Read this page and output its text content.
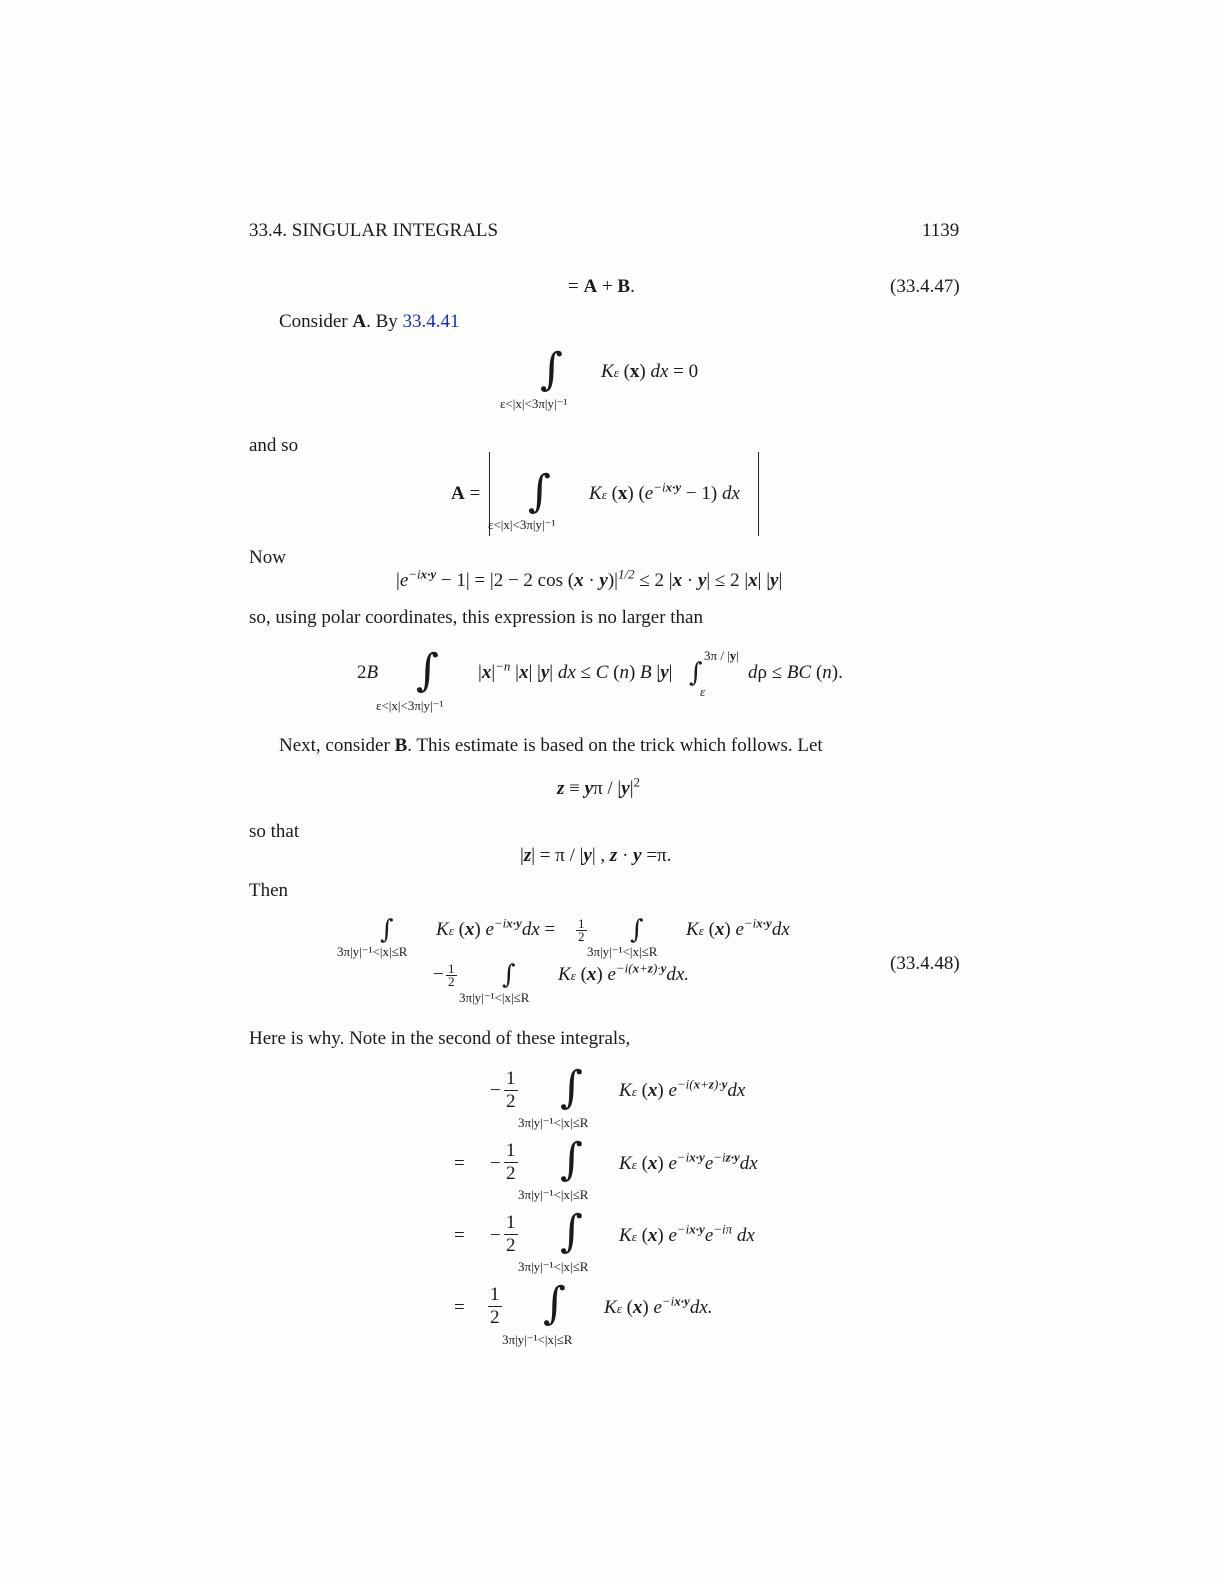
33.4. SINGULAR INTEGRALS	1139
= A + B.	(33.4.47)
Consider A. By 33.4.41
∫
ε<|x|<3π|y|⁻¹
Kε (x) dx = 0
and so
A = ∫
ε<|x|<3π|y|⁻¹
Kε (x) $(e^{-ix\cdot y} - 1)$ dx
Now
$|e^{-ix\cdot y} - 1| = |2 - 2$ $\cos (x \cdot y)|^{1/2} \le 2$ |x · y| ≤ 2 |x| |y|
so, using polar coordinates, this expression is no larger than
2B ∫
ε<|x|<3π|y|⁻¹
$|x|^{-n}$ |x| |y| dx ≤ C (n) B |y| ∫
3π / |y|
ε
dρ ≤ BC (n).
Next, consider B. This estimate is based on the trick which follows. Let
$z \equiv y\pi / |y|^2$
so that
|z| = π / |y| , z · y =π.
Then
∫
3π|y|⁻¹<|x|≤R
Kε (x) $e^{-ix\cdot y}dx = \frac{1}{2}$ ∫
3π|y|⁻¹<|x|≤R
Kε (x) $e^{-ix\cdot y}dx$
− $\frac{1}{2}$ ∫
3π|y|⁻¹<|x|≤R
Kε (x) $e^{-i(x+z)\cdot y}dx$.
(33.4.48)
Here is why. Note in the second of these integrals,
− $\frac{1}{2}$ ∫
3π|y|⁻¹<|x|≤R
Kε (x) $e^{-i(x+z)\cdot y}dx$
= − $\frac{1}{2}$ ∫
3π|y|⁻¹<|x|≤R
Kε (x) $e^{-ix\cdot y}e^{-iz\cdot y}dx$
= − $\frac{1}{2}$ ∫
3π|y|⁻¹<|x|≤R
Kε (x) $e^{-ix\cdot y}e^{-i\pi}$ dx
= $\frac{1}{2}$ ∫
3π|y|⁻¹<|x|≤R
Kε (x) $e^{-ix\cdot y}dx$.
